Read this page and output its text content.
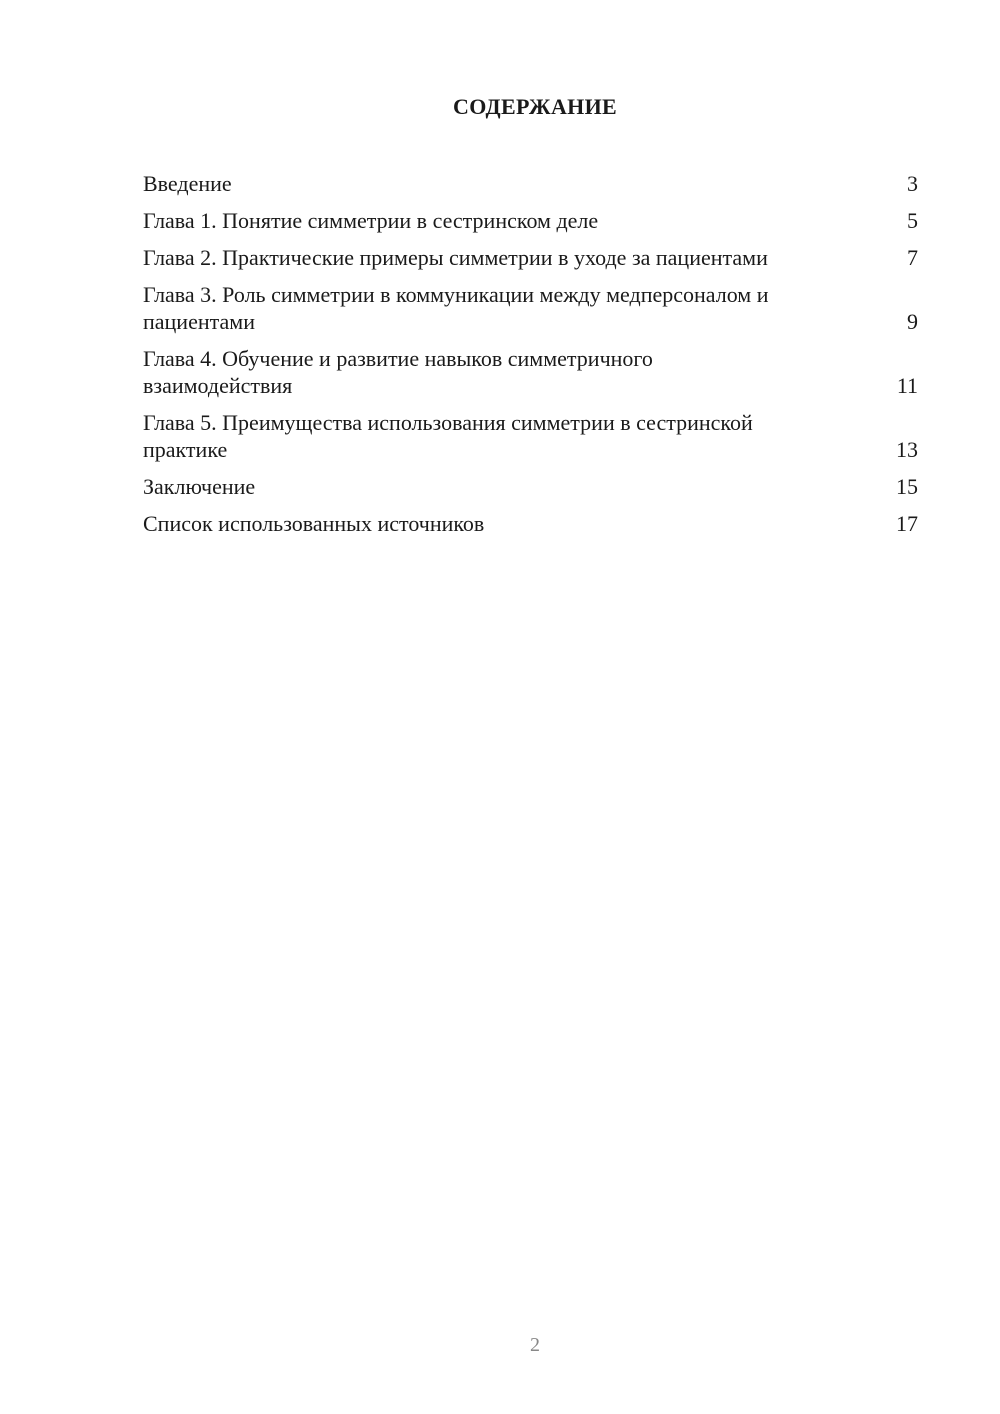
СОДЕРЖАНИЕ
Введение	3
Глава 1. Понятие симметрии в сестринском деле	5
Глава 2. Практические примеры симметрии в уходе за пациентами	7
Глава 3. Роль симметрии в коммуникации между медперсоналом и пациентами	9
Глава 4. Обучение и развитие навыков симметричного взаимодействия	11
Глава 5. Преимущества использования симметрии в сестринской практике	13
Заключение	15
Список использованных источников	17
2
